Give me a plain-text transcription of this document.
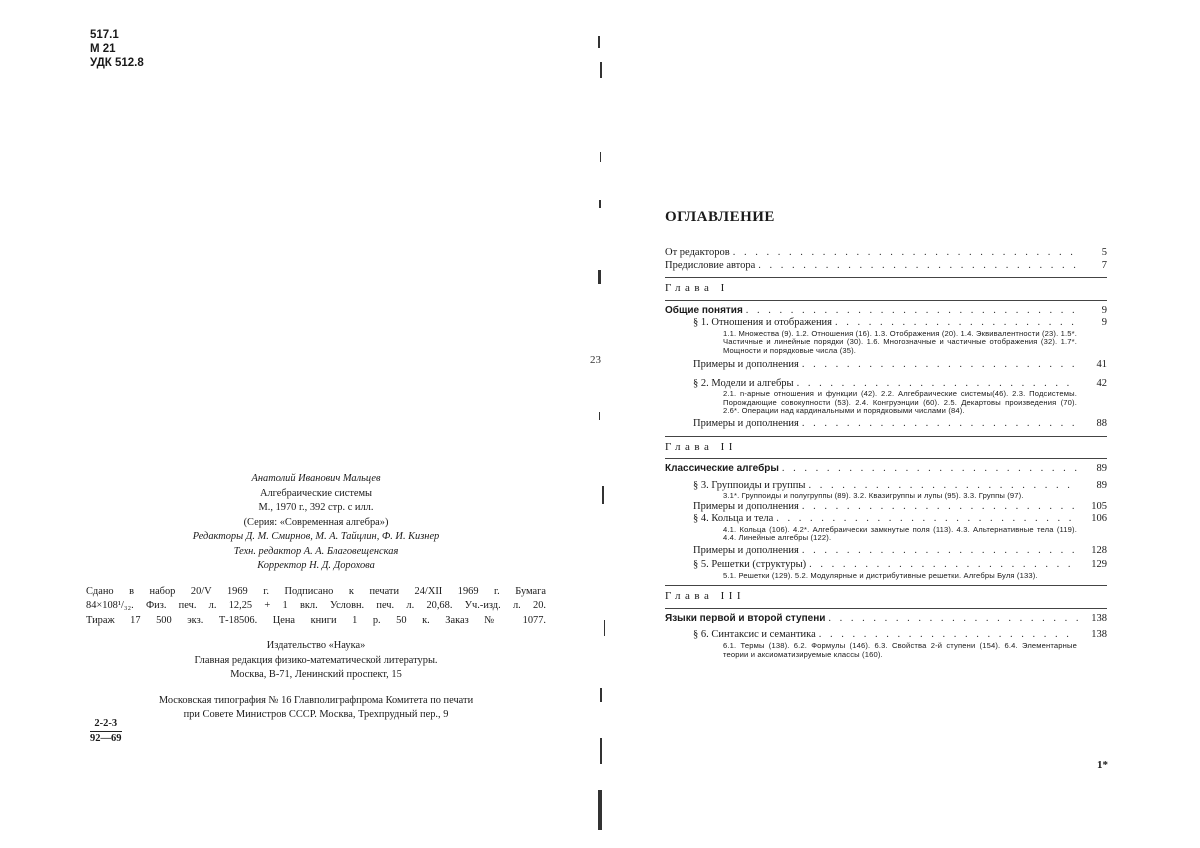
517.1
M 21
УДК 512.8
Анатолий Иванович Мальцев
Алгебраические системы
М., 1970 г., 392 стр. с илл.
(Серия: «Современная алгебра»)
Редакторы Д. М. Смирнов, М. А. Тайцлин, Ф. И. Кизнер
Техн. редактор А. А. Благовещенская
Корректор Н. Д. Дорохова
Сдано в набор 20/V 1969 г. Подписано к печати 24/XII 1969 г. Бумага
84×108¹/₃₂. Физ. печ. л. 12,25 + 1 вкл. Условн. печ. л. 20,68. Уч.-изд. л. 20.
Тираж 17 500 экз. Т-18506. Цена книги 1 р. 50 к. Заказ № 1077.
Издательство «Наука»
Главная редакция физико-математической литературы.
Москва, В-71, Ленинский проспект, 15
Московская типография № 16 Главполиграфпрома Комитета по печати
при Совете Министров СССР. Москва, Трехпрудный пер., 9
$\frac{2-2-3}{92—69}$
23
ОГЛАВЛЕНИЕ
От редакторов . . .	5
Предисловие автора . . .	7
Глава I
Общие понятия . . .	9
§ 1. Отношения и отображения . . .	9
1.1. Множества (9). 1.2. Отношения (16). 1.3. Отображения (20). 1.4. Эквивалентности (23). 1.5*. Частичные и линейные порядки (30). 1.6. Многозначные и частичные отображения (32). 1.7*. Мощности и порядковые числа (35).
Примеры и дополнения . . .	41
§ 2. Модели и алгебры . . .	42
2.1. n-арные отношения и функции (42). 2.2. Алгебраические системы(46). 2.3. Подсистемы. Порождающие совокупности (53). 2.4. Конгруэнции (60). 2.5. Декартовы произведения (70). 2.6*. Операции над кардинальными и порядковыми числами (84).
Примеры и дополнения . . .	88
Глава II
Классические алгебры . . .	89
§ 3. Группоиды и группы . . .	89
3.1*. Группоиды и полугруппы (89). 3.2. Квазигруппы и лупы (95). 3.3. Группы (97).
Примеры и дополнения . . .	105
§ 4. Кольца и тела . . .	106
4.1. Кольца (106). 4.2*. Алгебраически замкнутые поля (113). 4.3. Альтернативные тела (119). 4.4. Линейные алгебры (122).
Примеры и дополнения . . .	128
§ 5. Решетки (структуры) . . .	129
5.1. Решетки (129). 5.2. Модулярные и дистрибутивные решетки. Алгебры Буля (133).
Глава III
Языки первой и второй ступени . . .	138
§ 6. Синтаксис и семантика . . .	138
6.1. Термы (138). 6.2. Формулы (146). 6.3. Свойства 2-й ступени (154). 6.4. Элементарные теории и аксиоматизируемые классы (160).
1*
